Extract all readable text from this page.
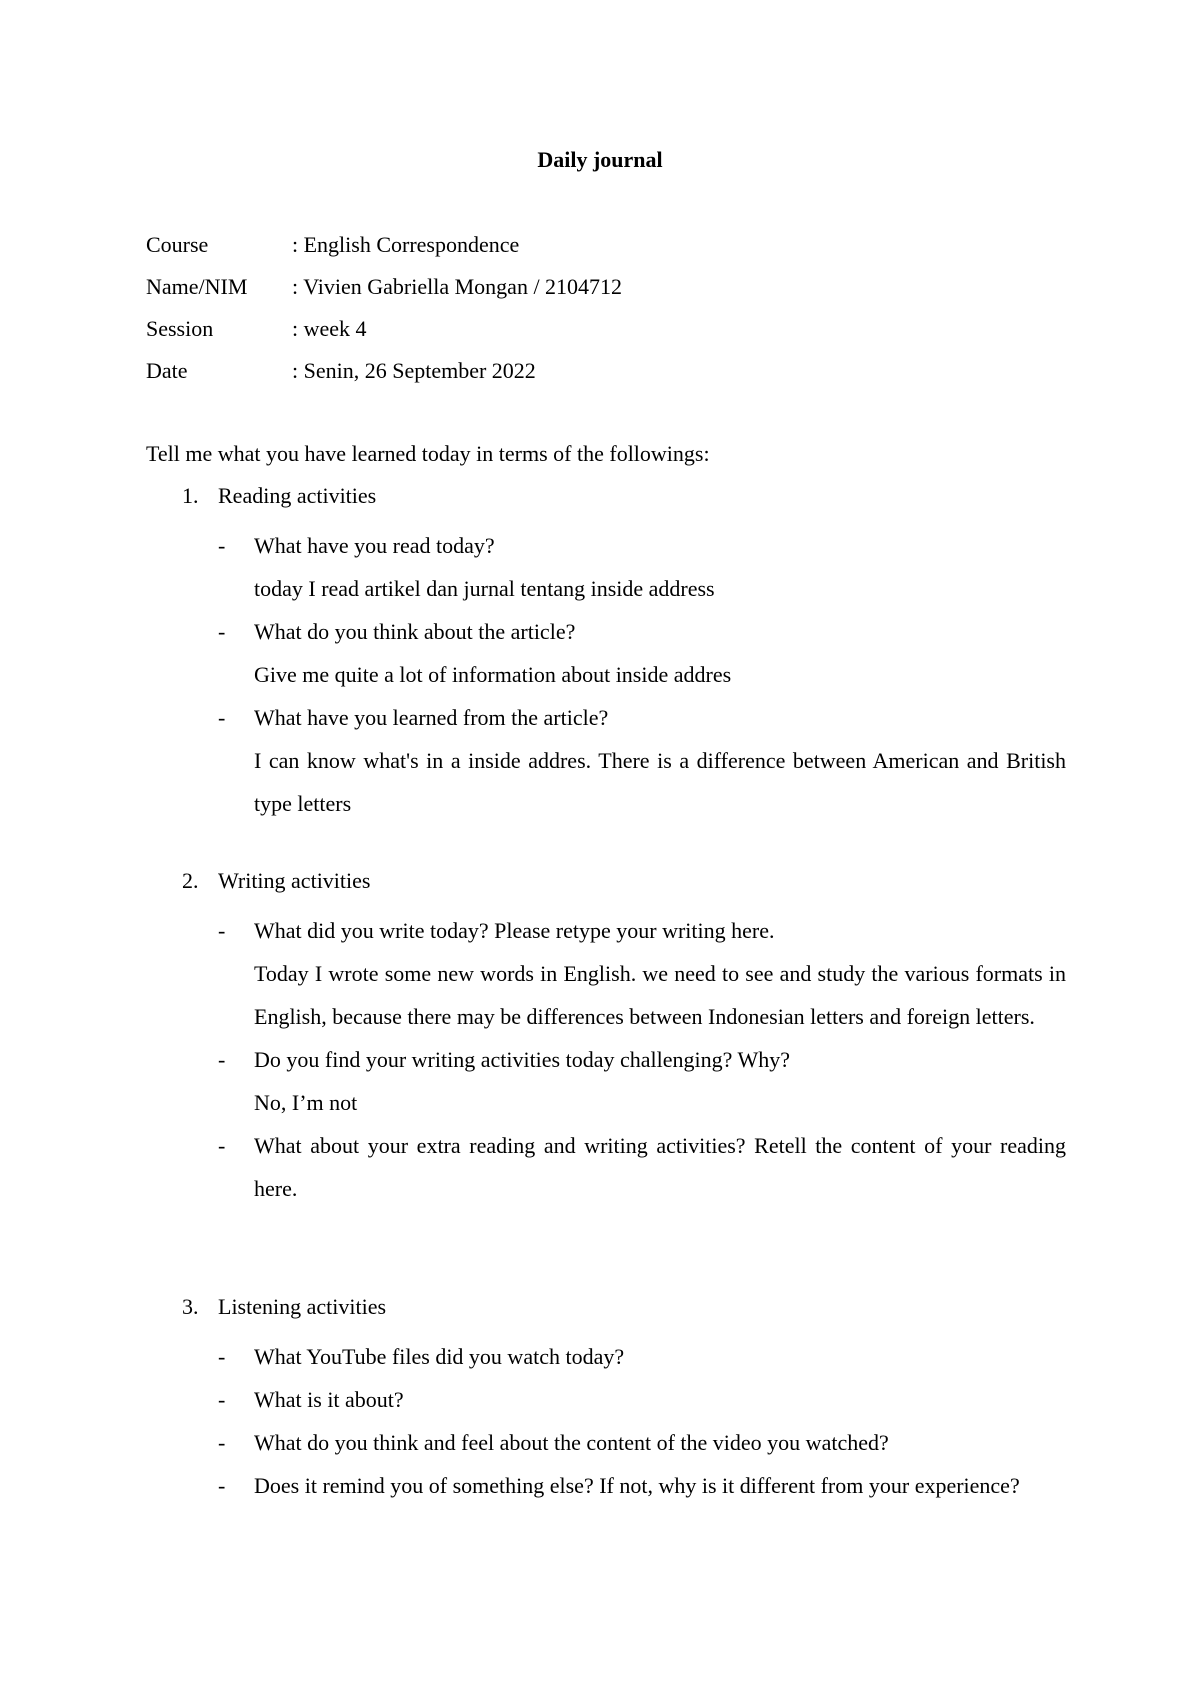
Daily journal
Course	: English Correspondence
Name/NIM	: Vivien Gabriella Mongan / 2104712
Session	: week 4
Date	: Senin, 26 September 2022
Tell me what you have learned today in terms of the followings:
1. Reading activities
-	What have you read today?
today I read artikel dan jurnal tentang inside address
-	What do you think about the article?
Give me quite a lot of information about inside addres
-	What have you learned from the article?
I can know what's in a inside addres. There is a difference between American and British type letters
2. Writing activities
-	What did you write today? Please retype your writing here.
Today I wrote some new words in English. we need to see and study the various formats in English, because there may be differences between Indonesian letters and foreign letters.
-	Do you find your writing activities today challenging? Why?
No, I’m not
-	What about your extra reading and writing activities? Retell the content of your reading here.
3. Listening activities
-	What YouTube files did you watch today?
-	What is it about?
-	What do you think and feel about the content of the video you watched?
-	Does it remind you of something else? If not, why is it different from your experience?
